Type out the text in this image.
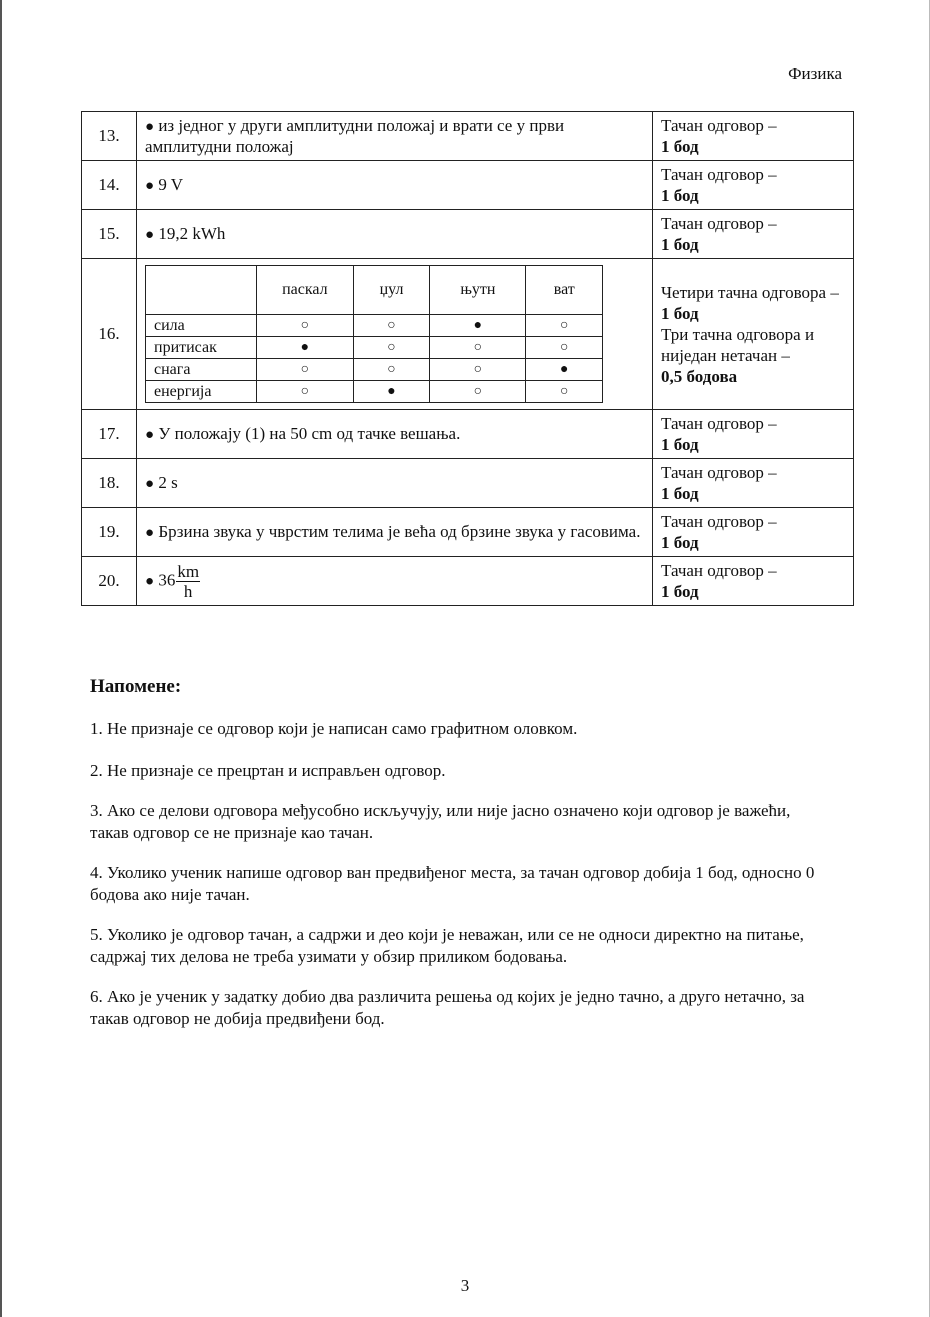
Физика
13.	● из једног у други амплитудни положај и врати се у први амплитудни положај	Тачан одговор –
1 бод
14.	● 9 V	Тачан одговор –
1 бод
15.	● 19,2 kWh	Тачан одговор –
1 бод
16.	
	паскал	џул	њутн	ват
сила	○	○	●	○
притисак	●	○	○	○
снага	○	○	○	●
енергија	○	●	○	○
	Четири тачна одговора –
1 бод
Три тачна одговора и ниједан нетачан –
0,5 бодова
17.	● У положају (1) на 50 cm од тачке вешања.	Тачан одговор –
1 бод
18.	● 2 s	Тачан одговор –
1 бод
19.	● Брзина звука у чврстим телима је већа од брзине звука у гасовима.	Тачан одговор –
1 бод
20.	● $36 \frac{km}{h}$	Тачан одговор –
1 бод
Напомене:
1. Не признаје се одговор који је написан само графитном оловком.
2. Не признаје се прецртан и исправљен одговор.
3. Ако се делови одговора међусобно искључују, или није јасно означено који одговор је важећи, такав одговор се не признаје као тачан.
4. Уколико ученик напише одговор ван предвиђеног места, за тачан одговор добија 1 бод, односно 0 бодова ако није тачан.
5. Уколико је одговор тачан, а садржи и део који је неважан, или се не односи директно на питање, садржај тих делова не треба узимати у обзир приликом бодовања.
6. Ако је ученик у задатку добио два различита решења од којих је једно тачно, а друго нетачно, за такав одговор не добија предвиђени бод.
3
